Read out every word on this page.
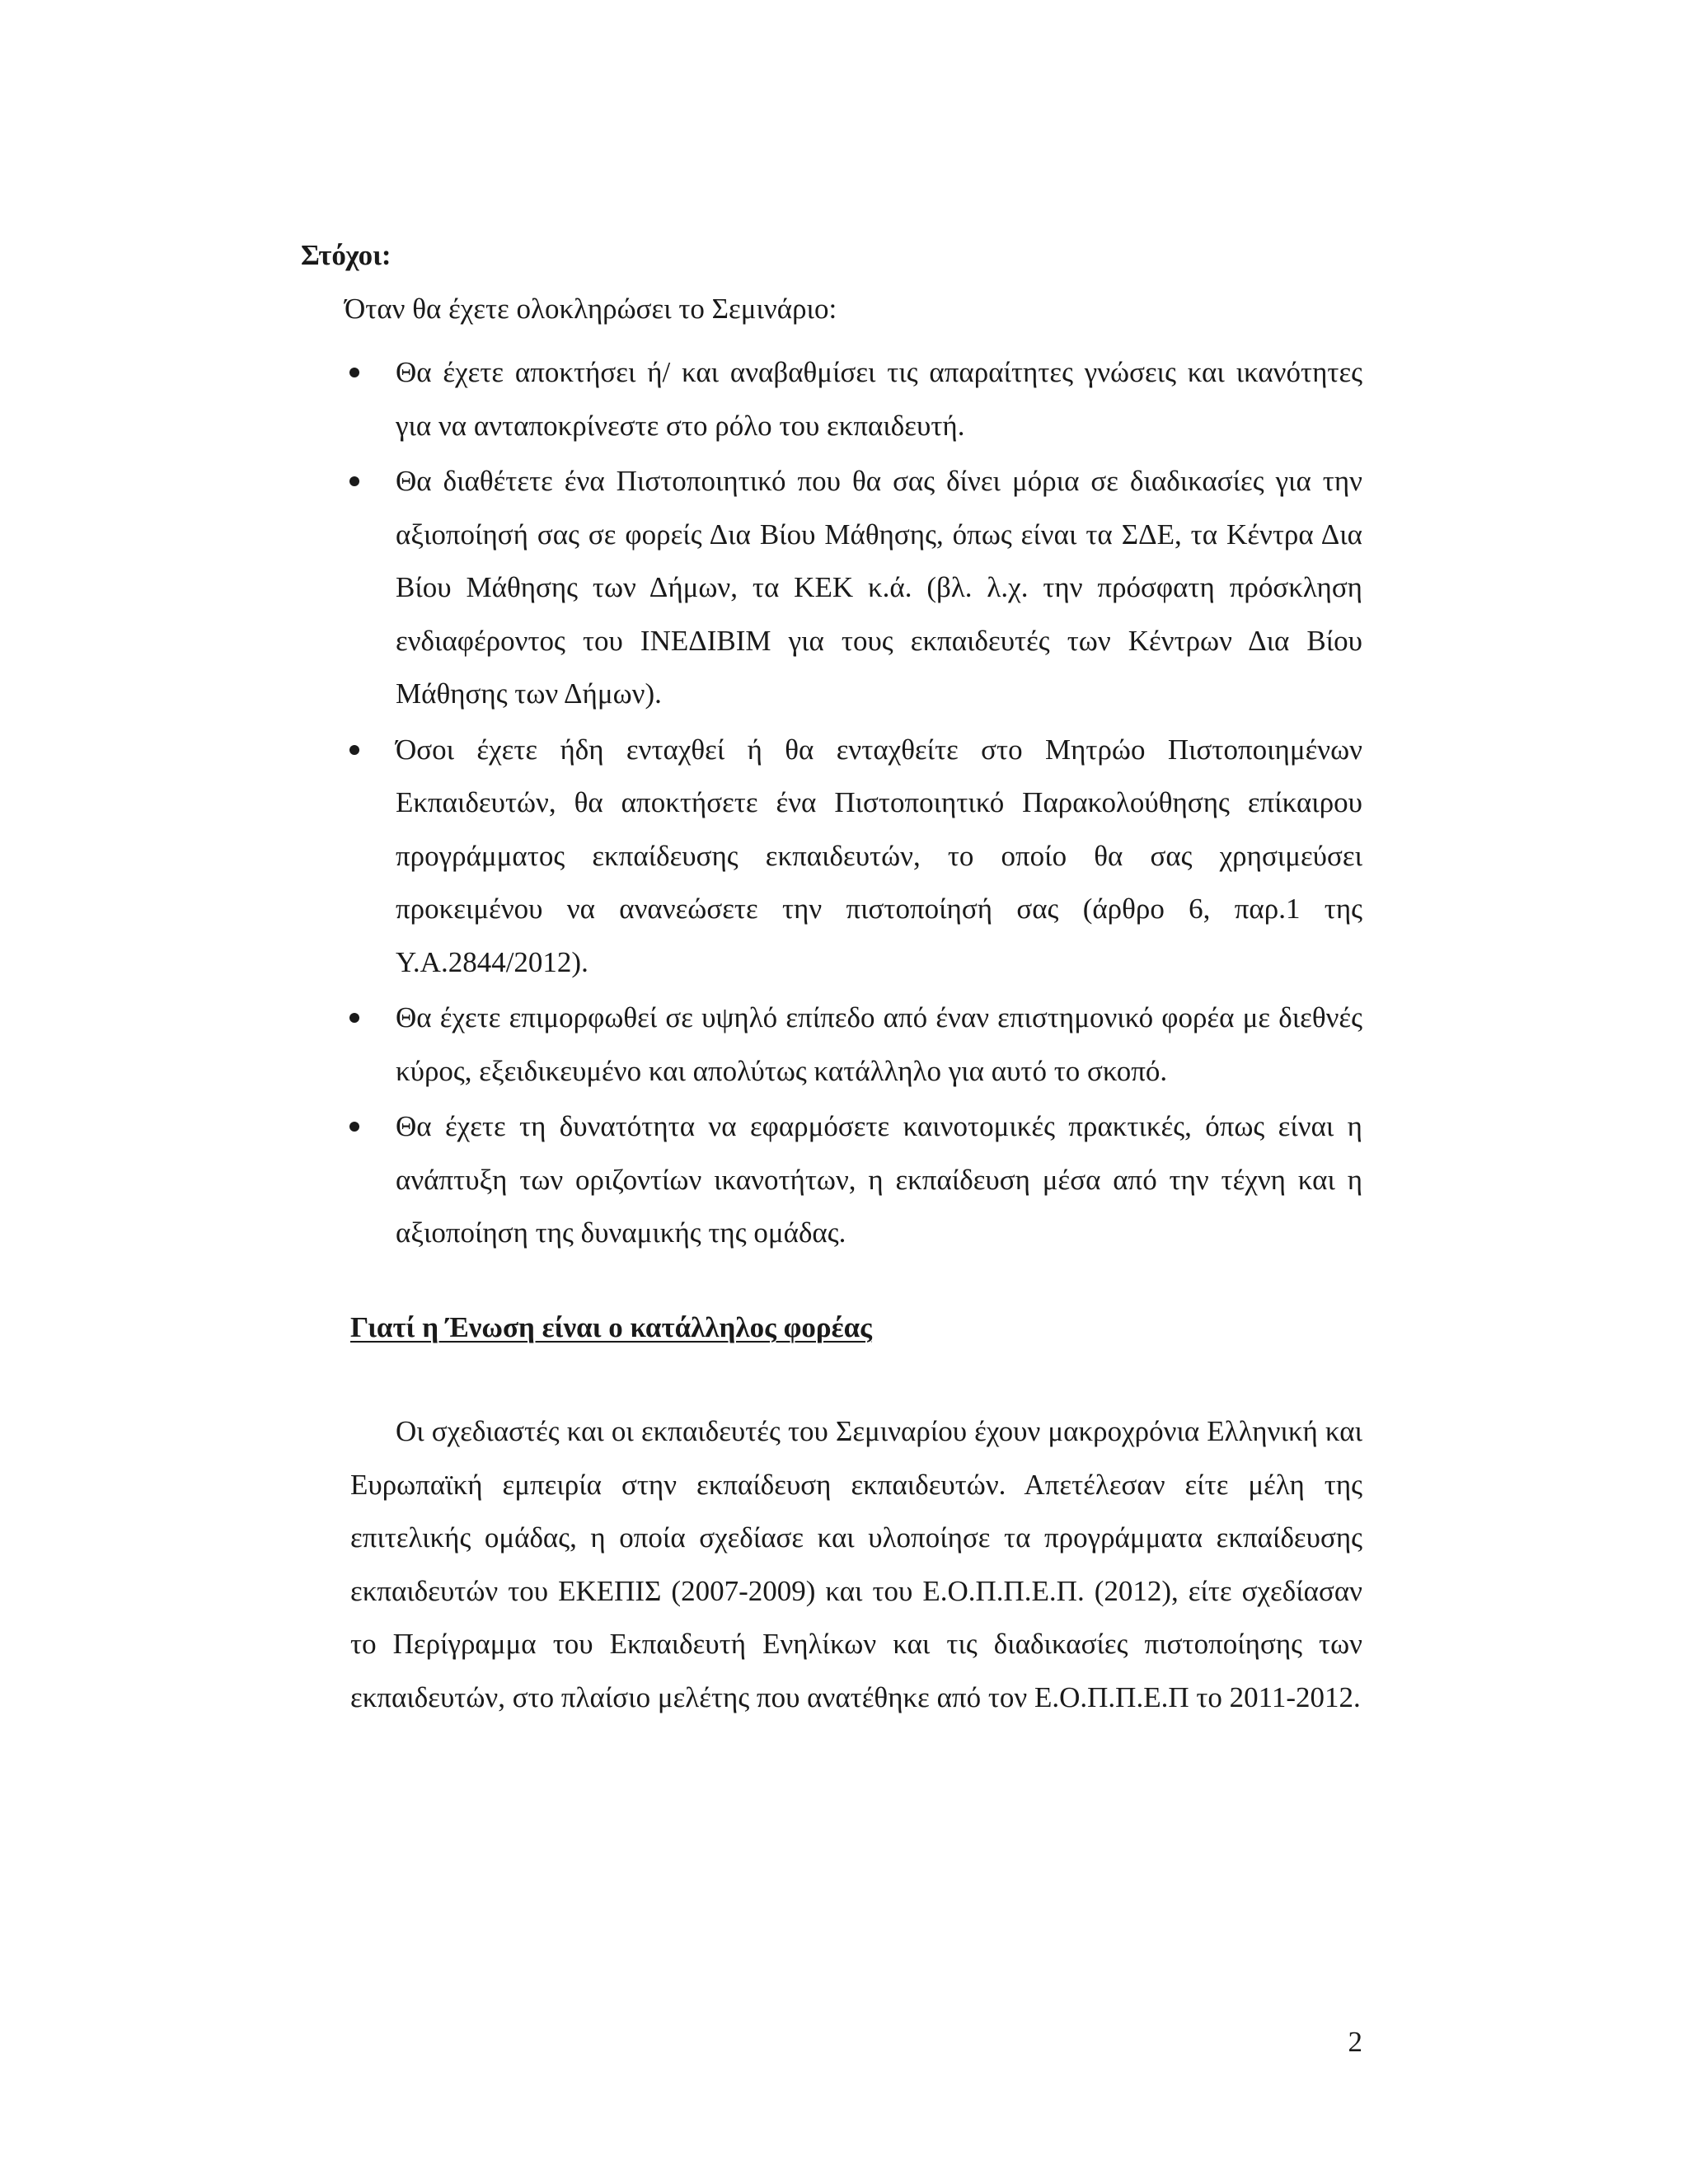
Στόχοι:
Όταν θα έχετε ολοκληρώσει το Σεμινάριο:
Θα έχετε αποκτήσει ή/ και αναβαθμίσει τις απαραίτητες γνώσεις και ικανότητες για να ανταποκρίνεστε στο ρόλο του εκπαιδευτή.
Θα διαθέτετε ένα Πιστοποιητικό που θα σας δίνει μόρια σε διαδικασίες για την αξιοποίησή σας σε φορείς Δια Βίου Μάθησης, όπως είναι τα ΣΔΕ, τα Κέντρα Δια Βίου Μάθησης των Δήμων, τα ΚΕΚ κ.ά. (βλ. λ.χ. την πρόσφατη πρόσκληση ενδιαφέροντος του ΙΝΕΔΙΒΙΜ για τους εκπαιδευτές των Κέντρων Δια Βίου Μάθησης των Δήμων).
Όσοι έχετε ήδη ενταχθεί ή θα ενταχθείτε στο Μητρώο Πιστοποιημένων Εκπαιδευτών, θα αποκτήσετε ένα Πιστοποιητικό Παρακολούθησης επίκαιρου προγράμματος εκπαίδευσης εκπαιδευτών, το οποίο θα σας χρησιμεύσει προκειμένου να ανανεώσετε την πιστοποίησή σας (άρθρο 6, παρ.1 της Υ.Α.2844/2012).
Θα έχετε επιμορφωθεί σε υψηλό επίπεδο από έναν επιστημονικό φορέα με διεθνές κύρος, εξειδικευμένο και απολύτως κατάλληλο για αυτό το σκοπό.
Θα έχετε τη δυνατότητα να εφαρμόσετε καινοτομικές πρακτικές, όπως είναι η ανάπτυξη των οριζοντίων ικανοτήτων, η εκπαίδευση μέσα από την τέχνη και η αξιοποίηση της δυναμικής της ομάδας.
Γιατί η Ένωση είναι ο κατάλληλος φορέας

Οι σχεδιαστές και οι εκπαιδευτές του Σεμιναρίου έχουν μακροχρόνια Ελληνική και Ευρωπαϊκή εμπειρία στην εκπαίδευση εκπαιδευτών. Απετέλεσαν είτε μέλη της επιτελικής ομάδας, η οποία σχεδίασε και υλοποίησε τα προγράμματα εκπαίδευσης εκπαιδευτών του ΕΚΕΠΙΣ (2007-2009) και του Ε.Ο.Π.Π.Ε.Π. (2012), είτε σχεδίασαν το Περίγραμμα του Εκπαιδευτή Ενηλίκων και τις διαδικασίες πιστοποίησης των εκπαιδευτών, στο πλαίσιο μελέτης που ανατέθηκε από τον Ε.Ο.Π.Π.Ε.Π το 2011-2012.

2
